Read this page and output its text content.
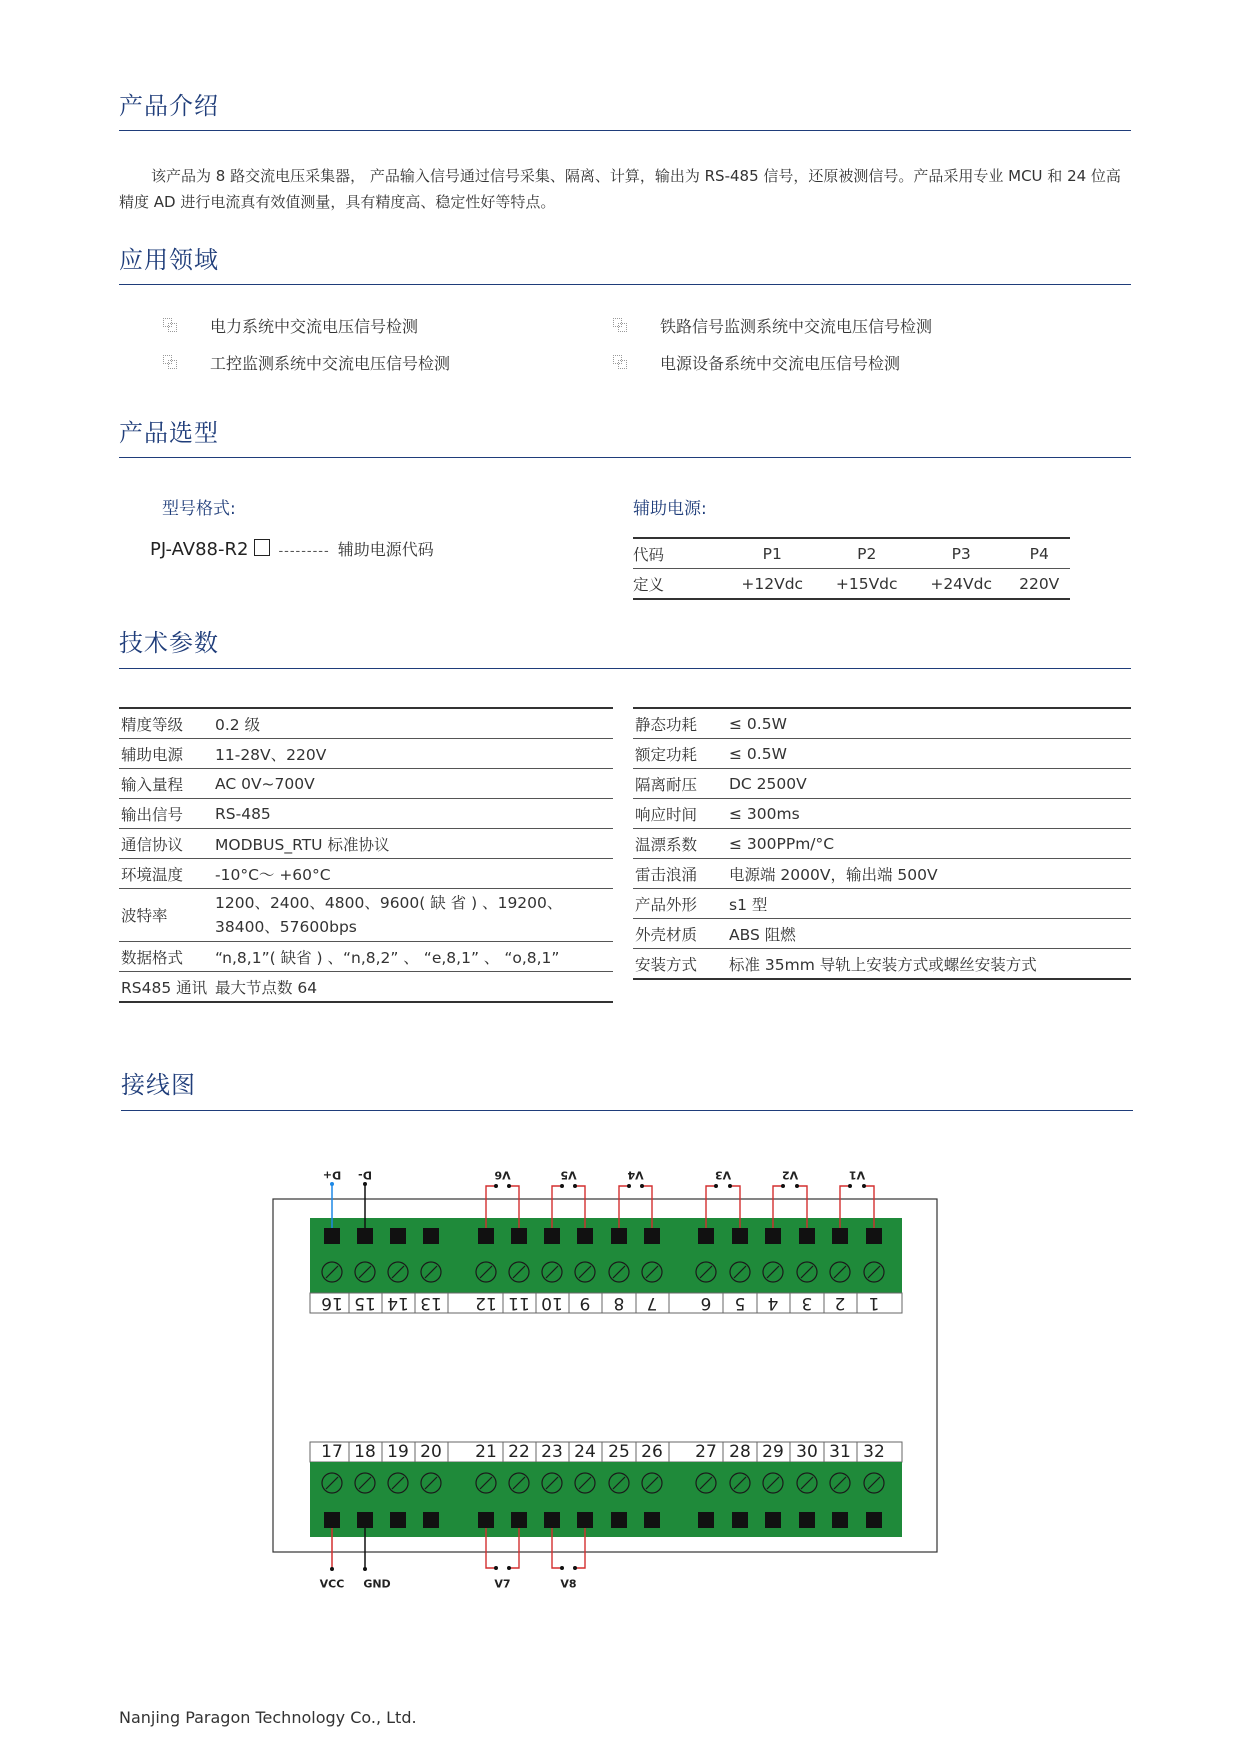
产品介绍
该产品为 8 路交流电压采集器， 产品输入信号通过信号采集、隔离、计算，输出为 RS-485 信号，还原被测信号。产品采用专业 MCU 和 24 位高精度 AD 进行电流真有效值测量，具有精度高、稳定性好等特点。
应用领域
电力系统中交流电压信号检测	铁路信号监测系统中交流电压信号检测
工控监测系统中交流电压信号检测	电源设备系统中交流电压信号检测
产品选型
型号格式:
PJ-AV88-R2 --------- 辅助电源代码
辅助电源:
代码	P1	P2	P3	P4
定义	+12Vdc	+15Vdc	+24Vdc	220V
技术参数
精度等级	0.2 级
辅助电源	11-28V、220V
输入量程	AC 0V~700V
输出信号	RS-485
通信协议	MODBUS_RTU 标准协议
环境温度	-10°C～ +60°C
波特率	1200、2400、4800、9600( 缺 省 ) 、19200、38400、57600bps
数据格式	“n,8,1”( 缺省 ) 、“n,8,2” 、 “e,8,1” 、 “o,8,1”
RS485 通讯	最大节点数 64
静态功耗	≤ 0.5W
额定功耗	≤ 0.5W
隔离耐压	DC 2500V
响应时间	≤ 300ms
温漂系数	≤ 300PPm/°C
雷击浪涌	电源端 2000V，输出端 500V
产品外形	s1 型
外壳材质	ABS 阻燃
安装方式	标准 35mm 导轨上安装方式或螺丝安装方式
接线图
16 15 14 13 12 11 10 9 8 7	6 5 4 3 2 1
D+ D-	V6	V5	V4	V3	V2	V1
17 18 19 20 21 22 23 24 25 26 27 28 29 30 31 32
VCC GND	V7	V8
Nanjing Paragon Technology Co., Ltd.
